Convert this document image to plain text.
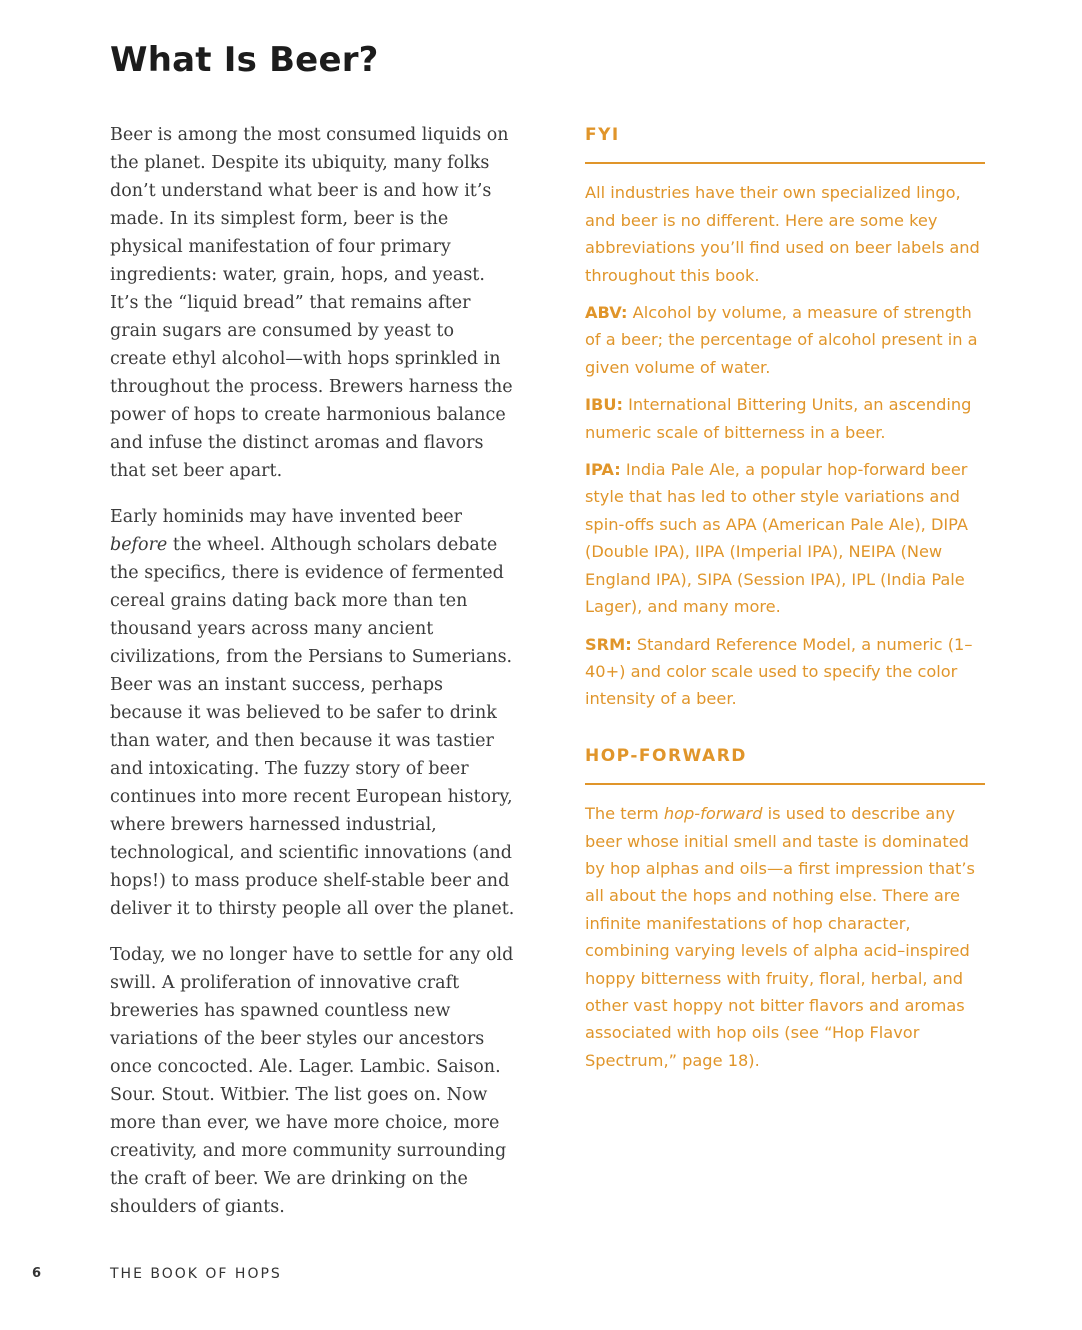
What Is Beer?

Beer is among the most consumed liquids on the planet. Despite its ubiquity, many folks don’t understand what beer is and how it’s made. In its simplest form, beer is the physical manifestation of four primary ingredients: water, grain, hops, and yeast. It’s the “liquid bread” that remains after grain sugars are consumed by yeast to create ethyl alcohol—with hops sprinkled in throughout the process. Brewers harness the power of hops to create harmonious balance and infuse the distinct aromas and flavors that set beer apart.

Early hominids may have invented beer before the wheel. Although scholars debate the specifics, there is evidence of fermented cereal grains dating back more than ten thousand years across many ancient civilizations, from the Persians to Sumerians. Beer was an instant success, perhaps because it was believed to be safer to drink than water, and then because it was tastier and intoxicating. The fuzzy story of beer continues into more recent European history, where brewers harnessed industrial, technological, and scientific innovations (and hops!) to mass produce shelf-stable beer and deliver it to thirsty people all over the planet.

Today, we no longer have to settle for any old swill. A proliferation of innovative craft breweries has spawned countless new variations of the beer styles our ancestors once concocted. Ale. Lager. Lambic. Saison. Sour. Stout. Witbier. The list goes on. Now more than ever, we have more choice, more creativity, and more community surrounding the craft of beer. We are drinking on the shoulders of giants.

FYI

All industries have their own specialized lingo, and beer is no different. Here are some key abbreviations you’ll find used on beer labels and throughout this book.

ABV: Alcohol by volume, a measure of strength of a beer; the percentage of alcohol present in a given volume of water.

IBU: International Bittering Units, an ascending numeric scale of bitterness in a beer.

IPA: India Pale Ale, a popular hop-forward beer style that has led to other style variations and spin-offs such as APA (American Pale Ale), DIPA (Double IPA), IIPA (Imperial IPA), NEIPA (New England IPA), SIPA (Session IPA), IPL (India Pale Lager), and many more.

SRM: Standard Reference Model, a numeric (1–40+) and color scale used to specify the color intensity of a beer.

HOP-FORWARD

The term hop-forward is used to describe any beer whose initial smell and taste is dominated by hop alphas and oils—a first impression that’s all about the hops and nothing else. There are infinite manifestations of hop character, combining varying levels of alpha acid–inspired hoppy bitterness with fruity, floral, herbal, and other vast hoppy not bitter flavors and aromas associated with hop oils (see “Hop Flavor Spectrum,” page 18).

6	THE BOOK OF HOPS
